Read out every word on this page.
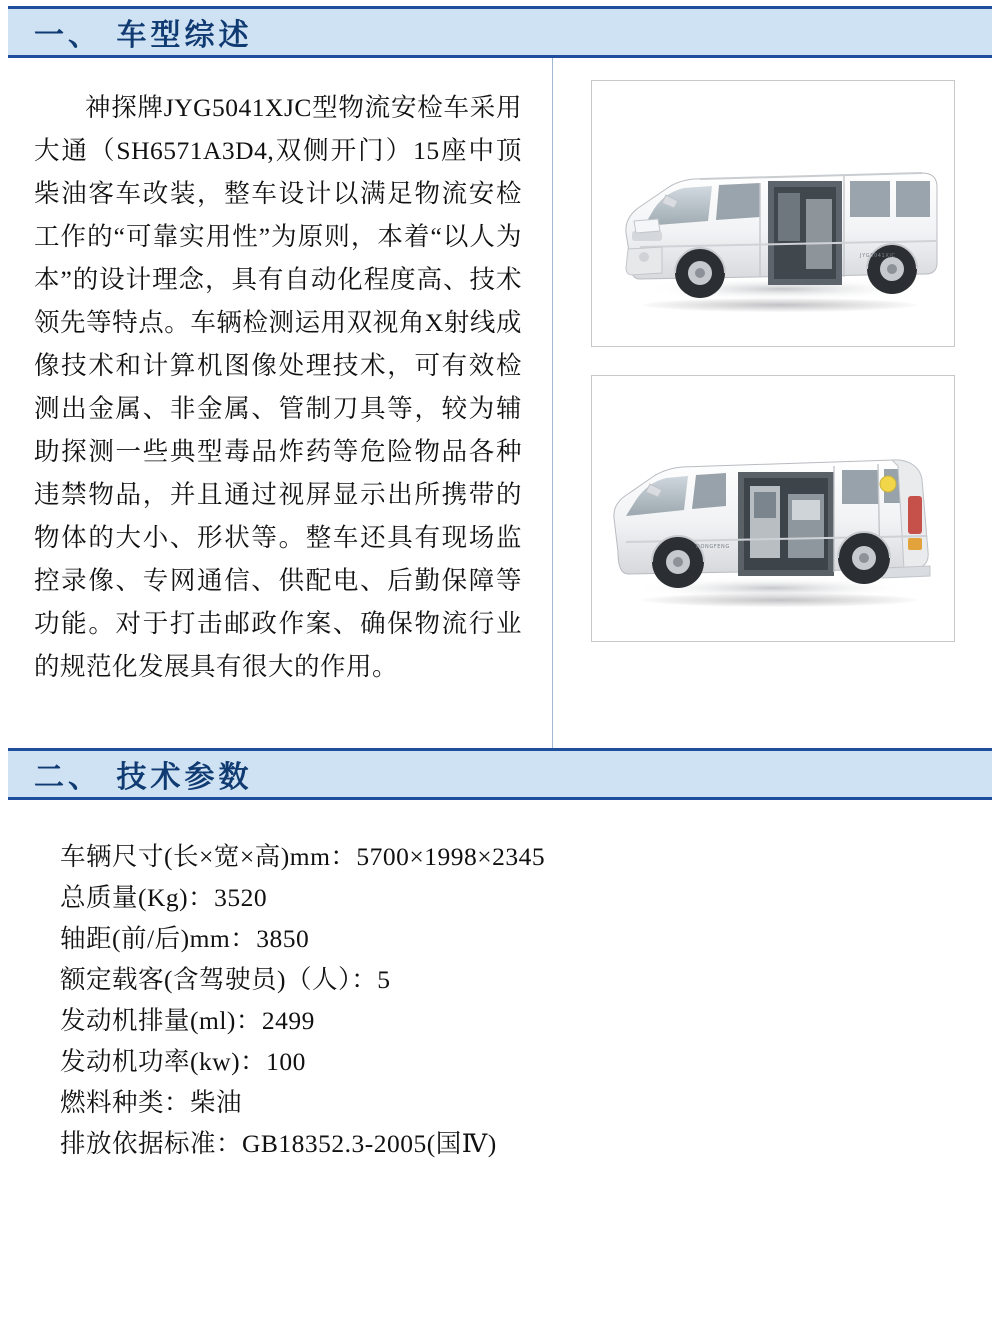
一、 车型综述

神探牌JYG5041XJC型物流安检车采用大通（SH6571A3D4,双侧开门）15座中顶柴油客车改装，整车设计以满足物流安检工作的“可靠实用性”为原则，本着“以人为本”的设计理念，具有自动化程度高、技术领先等特点。车辆检测运用双视角X射线成像技术和计算机图像处理技术，可有效检测出金属、非金属、管制刀具等，较为辅助探测一些典型毒品炸药等危险物品各种违禁物品，并且通过视屏显示出所携带的物体的大小、形状等。整车还具有现场监控录像、专网通信、供配电、后勤保障等功能。对于打击邮政作案、确保物流行业的规范化发展具有很大的作用。

JYG5041XJC
DONGFENG
二、 技术参数
车辆尺寸(长×宽×高)mm：5700×1998×2345
总质量(Kg)：3520
轴距(前/后)mm：3850
额定载客(含驾驶员)（人）：5
发动机排量(ml)：2499
发动机功率(kw)：100
燃料种类：柴油
排放依据标准：GB18352.3-2005(国Ⅳ)
